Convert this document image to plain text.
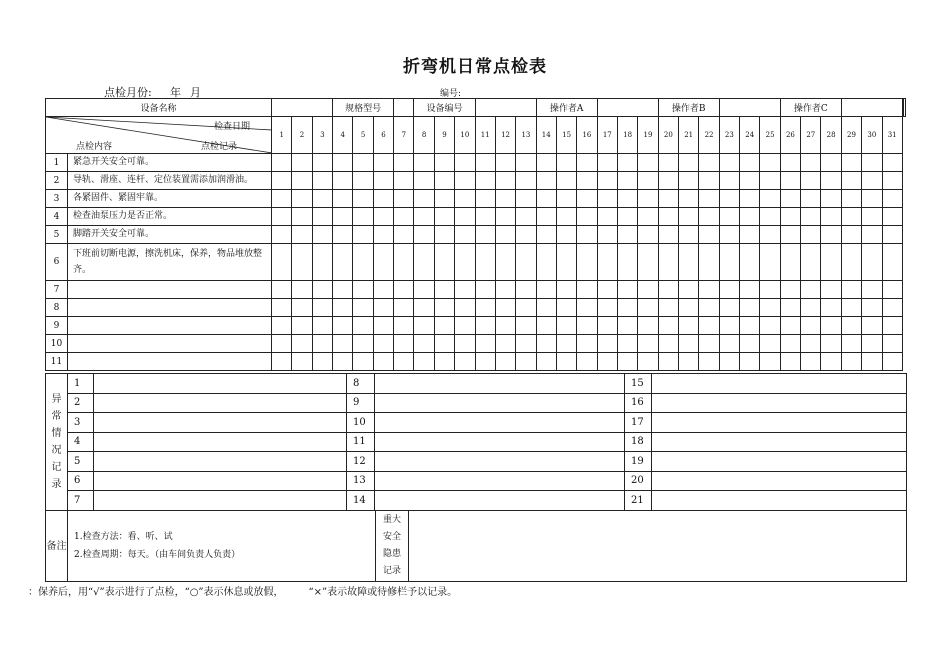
折弯机日常点检表
点检月份: 年 月	编号:
设备名称					规格型号				设备编号						操作者A						操作者B						操作者C			

检查日期
点检内容 点检记录		1	2	3	4	5	6	7	8	9	10	11	12	13	14	15	16	17	18	19	20	21	22	23	24	25	26	27	28	29	30	31	
1	紧急开关安全可靠。																																
2	导轨、滑座、连杆、定位装置需添加润滑油。																																
3	各紧固件、紧固牢靠。																																
4	检查油泵压力是否正常。																																
5	脚踏开关安全可靠。																																
6	下班前切断电源，擦洗机床，保养，物品堆放整齐。																																
7																																	
8																																	
9																																	
10																																	
11																																	
异常情况记录	1		8		15	
	2		9		16	
	3		10		17	
	4		11		18	
	5		12		19	
	6		13		20	
	7		14		21	
备注	
1.检查方法：看、听、试
2.检查周期：每天。（由车间负责人负责）
	重大安全隐患记录	
：保养后，用“√”表示进行了点检，“○”表示休息或放假，　　　“×”表示故障或待修栏予以记录。
